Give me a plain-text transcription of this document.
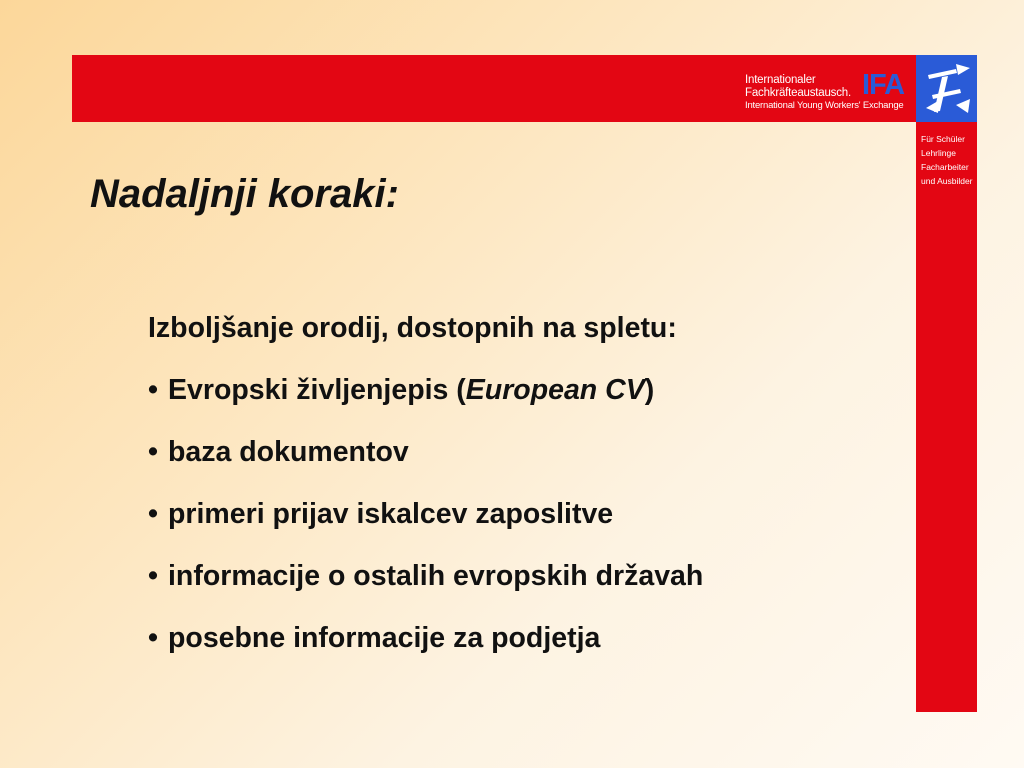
Internationaler
Fachkräfteaustausch.
International Young Workers' Exchange
IFA
Für Schüler
Lehrlinge
Facharbeiter
und Ausbilder
Nadaljnji koraki:

Izboljšanje orodij, dostopnih na spletu:

• Evropski življenjepis (European CV)
• baza dokumentov
• primeri prijav iskalcev zaposlitve
• informacije o ostalih evropskih državah
• posebne informacije za podjetja
